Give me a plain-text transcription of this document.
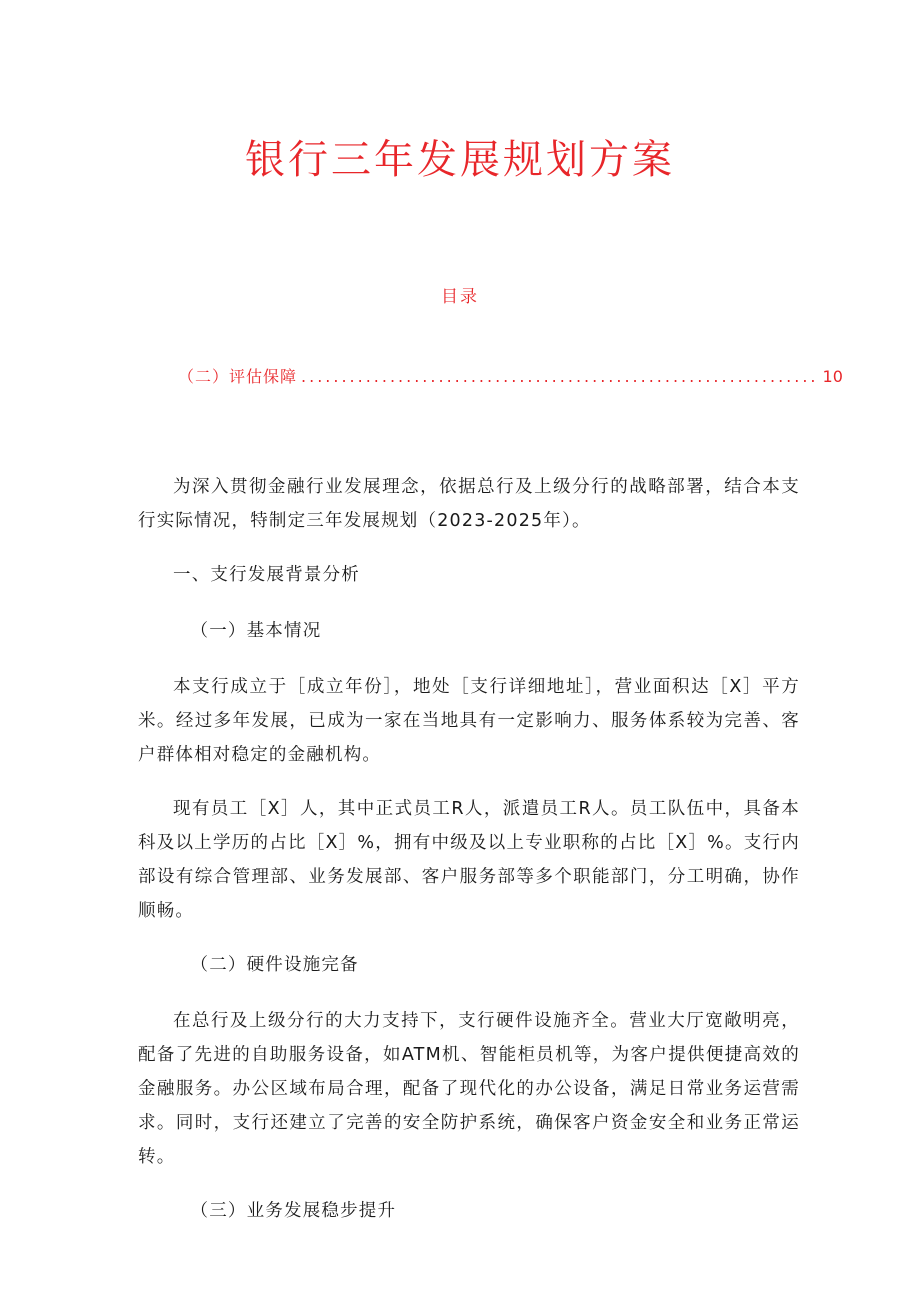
银行三年发展规划方案
目录
（二）评估保障 ................................................................ 10

为深入贯彻金融行业发展理念，依据总行及上级分行的战略部署，结合本支行实际情况，特制定三年发展规划（2023-2025年）。

一、支行发展背景分析

（一）基本情况

本支行成立于［成立年份］，地处［支行详细地址］，营业面积达［X］平方米。经过多年发展，已成为一家在当地具有一定影响力、服务体系较为完善、客户群体相对稳定的金融机构。

现有员工［X］人，其中正式员工R人，派遣员工R人。员工队伍中，具备本科及以上学历的占比［X］%，拥有中级及以上专业职称的占比［X］%。支行内部设有综合管理部、业务发展部、客户服务部等多个职能部门，分工明确，协作顺畅。

（二）硬件设施完备

在总行及上级分行的大力支持下，支行硬件设施齐全。营业大厅宽敞明亮，配备了先进的自助服务设备，如ATM机、智能柜员机等，为客户提供便捷高效的金融服务。办公区域布局合理，配备了现代化的办公设备，满足日常业务运营需求。同时，支行还建立了完善的安全防护系统，确保客户资金安全和业务正常运转。

（三）业务发展稳步提升
